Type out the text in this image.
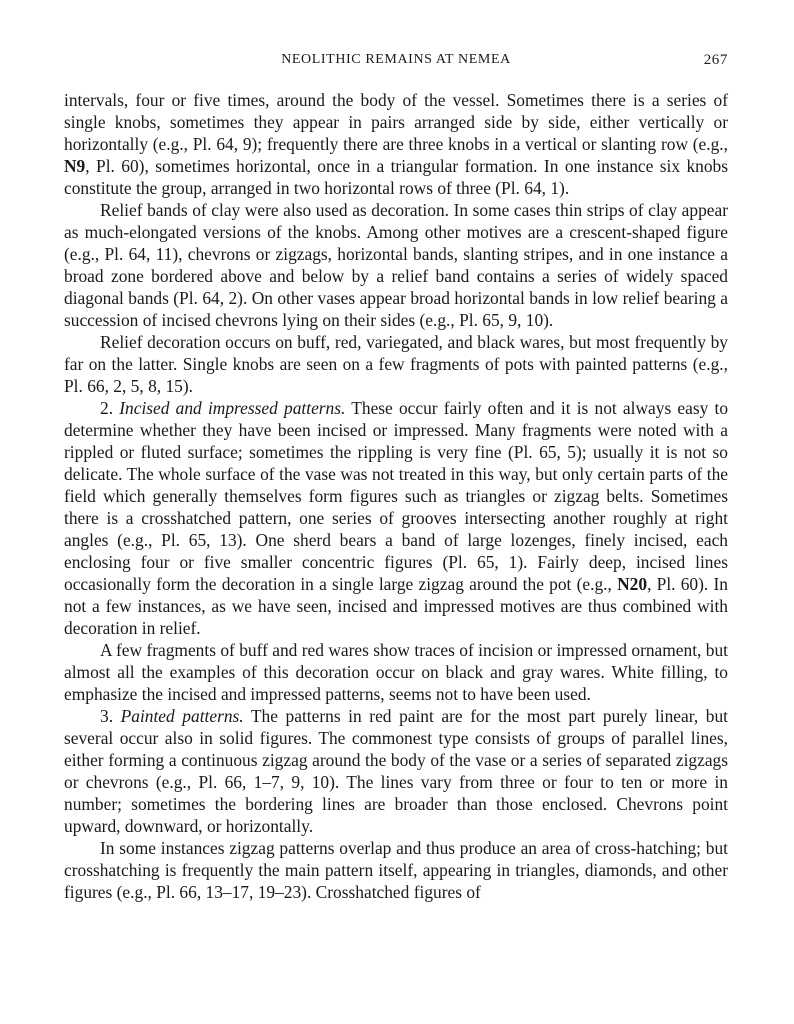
NEOLITHIC REMAINS AT NEMEA	267

intervals, four or five times, around the body of the vessel. Sometimes there is a series of single knobs, sometimes they appear in pairs arranged side by side, either vertically or horizontally (e.g., Pl. 64, 9); frequently there are three knobs in a vertical or slanting row (e.g., N9, Pl. 60), sometimes horizontal, once in a triangular formation. In one instance six knobs constitute the group, arranged in two horizontal rows of three (Pl. 64, 1).

Relief bands of clay were also used as decoration. In some cases thin strips of clay appear as much-elongated versions of the knobs. Among other motives are a crescent-shaped figure (e.g., Pl. 64, 11), chevrons or zigzags, horizontal bands, slanting stripes, and in one instance a broad zone bordered above and below by a relief band contains a series of widely spaced diagonal bands (Pl. 64, 2). On other vases appear broad horizontal bands in low relief bearing a succession of incised chevrons lying on their sides (e.g., Pl. 65, 9, 10).

Relief decoration occurs on buff, red, variegated, and black wares, but most frequently by far on the latter. Single knobs are seen on a few fragments of pots with painted patterns (e.g., Pl. 66, 2, 5, 8, 15).

2. Incised and impressed patterns. These occur fairly often and it is not always easy to determine whether they have been incised or impressed. Many fragments were noted with a rippled or fluted surface; sometimes the rippling is very fine (Pl. 65, 5); usually it is not so delicate. The whole surface of the vase was not treated in this way, but only certain parts of the field which generally themselves form figures such as triangles or zigzag belts. Sometimes there is a crosshatched pattern, one series of grooves intersecting another roughly at right angles (e.g., Pl. 65, 13). One sherd bears a band of large lozenges, finely incised, each enclosing four or five smaller concentric figures (Pl. 65, 1). Fairly deep, incised lines occasionally form the decoration in a single large zigzag around the pot (e.g., N20, Pl. 60). In not a few instances, as we have seen, incised and impressed motives are thus combined with decoration in relief.

A few fragments of buff and red wares show traces of incision or impressed ornament, but almost all the examples of this decoration occur on black and gray wares. White filling, to emphasize the incised and impressed patterns, seems not to have been used.

3. Painted patterns. The patterns in red paint are for the most part purely linear, but several occur also in solid figures. The commonest type consists of groups of parallel lines, either forming a continuous zigzag around the body of the vase or a series of separated zigzags or chevrons (e.g., Pl. 66, 1–7, 9, 10). The lines vary from three or four to ten or more in number; sometimes the bordering lines are broader than those enclosed. Chevrons point upward, downward, or horizontally.

In some instances zigzag patterns overlap and thus produce an area of cross-hatching; but crosshatching is frequently the main pattern itself, appearing in triangles, diamonds, and other figures (e.g., Pl. 66, 13–17, 19–23). Crosshatched figures of
